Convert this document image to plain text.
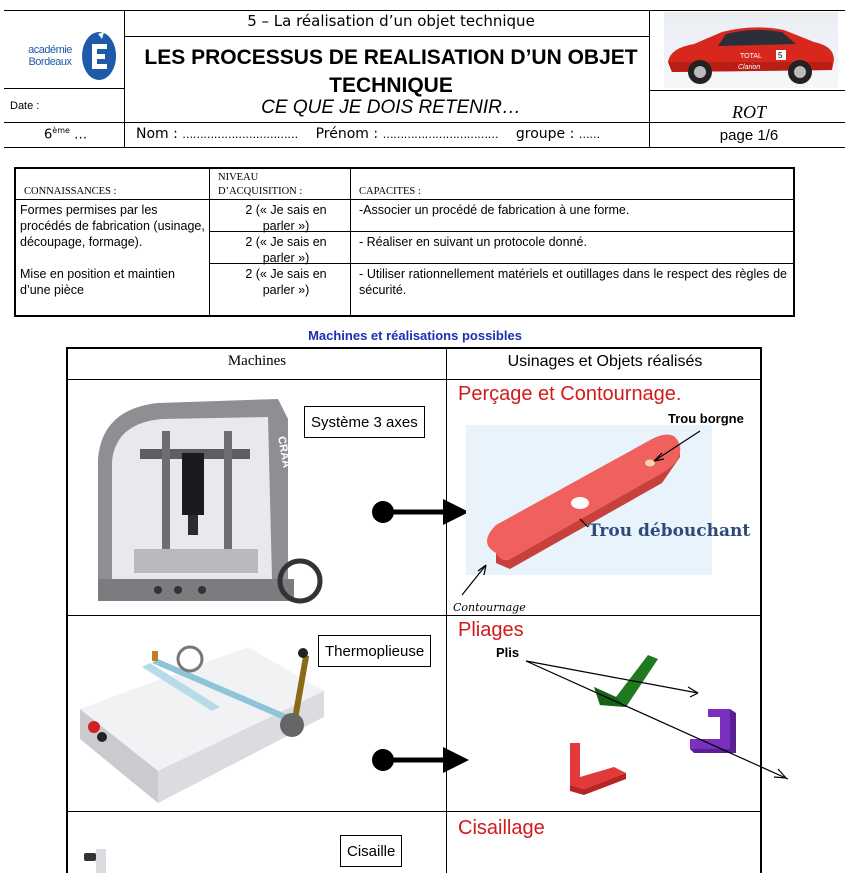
académie Bordeaux
Date :
6ème …
5 – La réalisation d’un objet technique
LES PROCESSUS DE REALISATION D’UN OBJET TECHNIQUE
CE QUE JE DOIS RETENIR…
Nom : …………………………… Prénom : …………………………… groupe : ……
TOTAL
Clarion
5
ROT
page 1/6
CONNAISSANCES :
NIVEAU
D’ACQUISITION :	CAPACITES :
Formes permises par les procédés de fabrication (usinage, découpage, formage).
Mise en position et maintien d’une pièce
2 (« Je sais en parler »)
2 (« Je sais en parler »)
2 (« Je sais en parler »)
-Associer un procédé de fabrication à une forme.
- Réaliser en suivant un protocole donné.
- Utiliser rationnellement matériels et outillages dans le respect des règles de sécurité.
Machines et réalisations possibles
Machines	Usinages et Objets réalisés
CRAA
Système 3 axes
Perçage et Contournage.
Trou borgne
Trou débouchant
Contournage
Thermoplieuse
Pliages
Plis
Cisaille
Cisaillage
